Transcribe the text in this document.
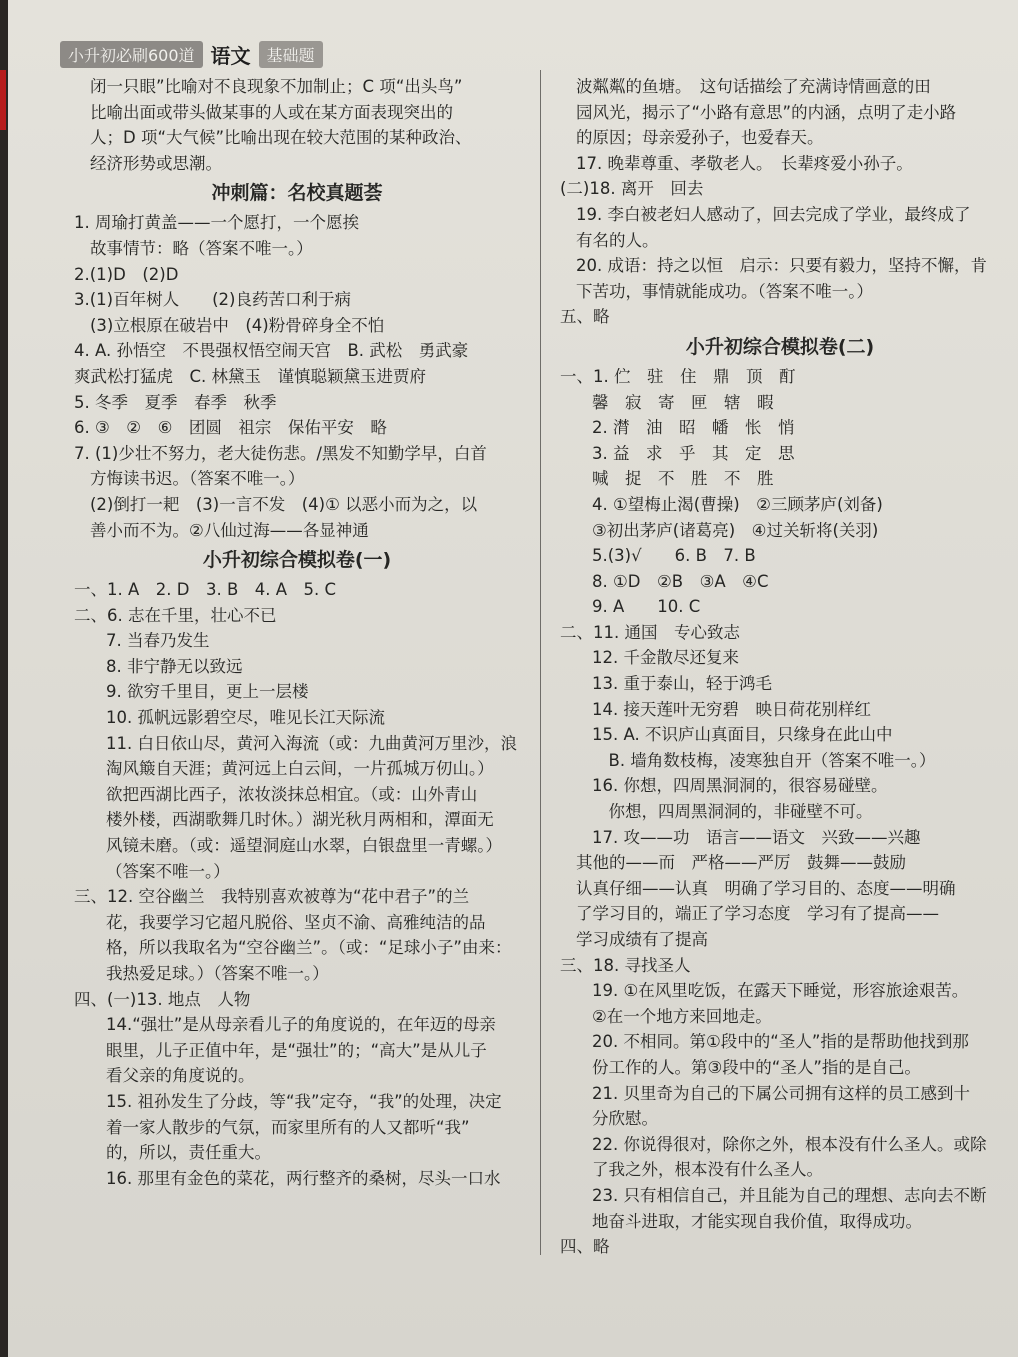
小升初必刷600道 语文	基础题
闭一只眼”比喻对不良现象不加制止；C 项“出头鸟”
比喻出面或带头做某事的人或在某方面表现突出的
人；D 项“大气候”比喻出现在较大范围的某种政治、
经济形势或思潮。
冲刺篇：名校真题荟
1. 周瑜打黄盖——一个愿打，一个愿挨
故事情节：略（答案不唯一。）
2.(1)D　(2)D
3.(1)百年树人　　(2)良药苦口利于病
(3)立根原在破岩中　(4)粉骨碎身全不怕
4. A. 孙悟空　不畏强权悟空闹天宫　B. 武松　勇武豪
爽武松打猛虎　C. 林黛玉　谨慎聪颖黛玉进贾府
5. 冬季　夏季　春季　秋季
6. ③　②　⑥　团圆　祖宗　保佑平安　略
7. (1)少壮不努力，老大徒伤悲。/黑发不知勤学早，白首
方悔读书迟。（答案不唯一。）
(2)倒打一耙　(3)一言不发　(4)① 以恶小而为之，以
善小而不为。②八仙过海——各显神通
小升初综合模拟卷(一)
一、1. A　2. D　3. B　4. A　5. C
二、6. 志在千里，壮心不已
7. 当春乃发生
8. 非宁静无以致远
9. 欲穷千里目，更上一层楼
10. 孤帆远影碧空尽，唯见长江天际流
11. 白日依山尽，黄河入海流（或：九曲黄河万里沙，浪
淘风簸自天涯；黄河远上白云间，一片孤城万仞山。）
欲把西湖比西子，浓妆淡抹总相宜。（或：山外青山
楼外楼，西湖歌舞几时休。）湖光秋月两相和，潭面无
风镜未磨。（或：遥望洞庭山水翠，白银盘里一青螺。）
（答案不唯一。）
三、12. 空谷幽兰　我特别喜欢被尊为“花中君子”的兰
花，我要学习它超凡脱俗、坚贞不渝、高雅纯洁的品
格，所以我取名为“空谷幽兰”。（或：“足球小子”由来：
我热爱足球。）（答案不唯一。）
四、(一)13. 地点　人物
14.“强壮”是从母亲看儿子的角度说的，在年迈的母亲
眼里，儿子正值中年，是“强壮”的；“高大”是从儿子
看父亲的角度说的。
15. 祖孙发生了分歧，等“我”定夺，“我”的处理，决定
着一家人散步的气氛，而家里所有的人又都听“我”
的，所以，责任重大。
16. 那里有金色的菜花，两行整齐的桑树，尽头一口水
波粼粼的鱼塘。　这句话描绘了充满诗情画意的田
园风光，揭示了“小路有意思”的内涵，点明了走小路
的原因；母亲爱孙子，也爱春天。
17. 晚辈尊重、孝敬老人。　长辈疼爱小孙子。
(二)18. 离开　回去
19. 李白被老妇人感动了，回去完成了学业，最终成了
有名的人。
20. 成语：持之以恒　启示：只要有毅力，坚持不懈，肯
下苦功，事情就能成功。（答案不唯一。）
五、略
小升初综合模拟卷(二)
一、1. 伫　驻　住　鼎　顶　酊
馨　寂　寄　匣　辖　暇
2. 潸　油　昭　幡　怅　悄
3. 益　求　乎　其　定　思
喊　捉　不　胜　不　胜
4. ①望梅止渴(曹操)　②三顾茅庐(刘备)
③初出茅庐(诸葛亮)　④过关斩将(关羽)
5.(3)√　　6. B　7. B
8. ①D　②B　③A　④C
9. A　　10. C
二、11. 通国　专心致志
12. 千金散尽还复来
13. 重于泰山，轻于鸿毛
14. 接天莲叶无穷碧　映日荷花别样红
15. A. 不识庐山真面目，只缘身在此山中
　B. 墙角数枝梅，凌寒独自开（答案不唯一。）
16. 你想，四周黑洞洞的，很容易碰壁。
　你想，四周黑洞洞的，非碰壁不可。
17. 攻——功　语言——语文　兴致——兴趣
其他的——而　严格——严厉　鼓舞——鼓励
认真仔细——认真　明确了学习目的、态度——明确
了学习目的，端正了学习态度　学习有了提高——
学习成绩有了提高
三、18. 寻找圣人
19. ①在风里吃饭，在露天下睡觉，形容旅途艰苦。
②在一个地方来回地走。
20. 不相同。第①段中的“圣人”指的是帮助他找到那
份工作的人。第③段中的“圣人”指的是自己。
21. 贝里奇为自己的下属公司拥有这样的员工感到十
分欣慰。
22. 你说得很对，除你之外，根本没有什么圣人。或除
了我之外，根本没有什么圣人。
23. 只有相信自己，并且能为自己的理想、志向去不断
地奋斗进取，才能实现自我价值，取得成功。
四、略
